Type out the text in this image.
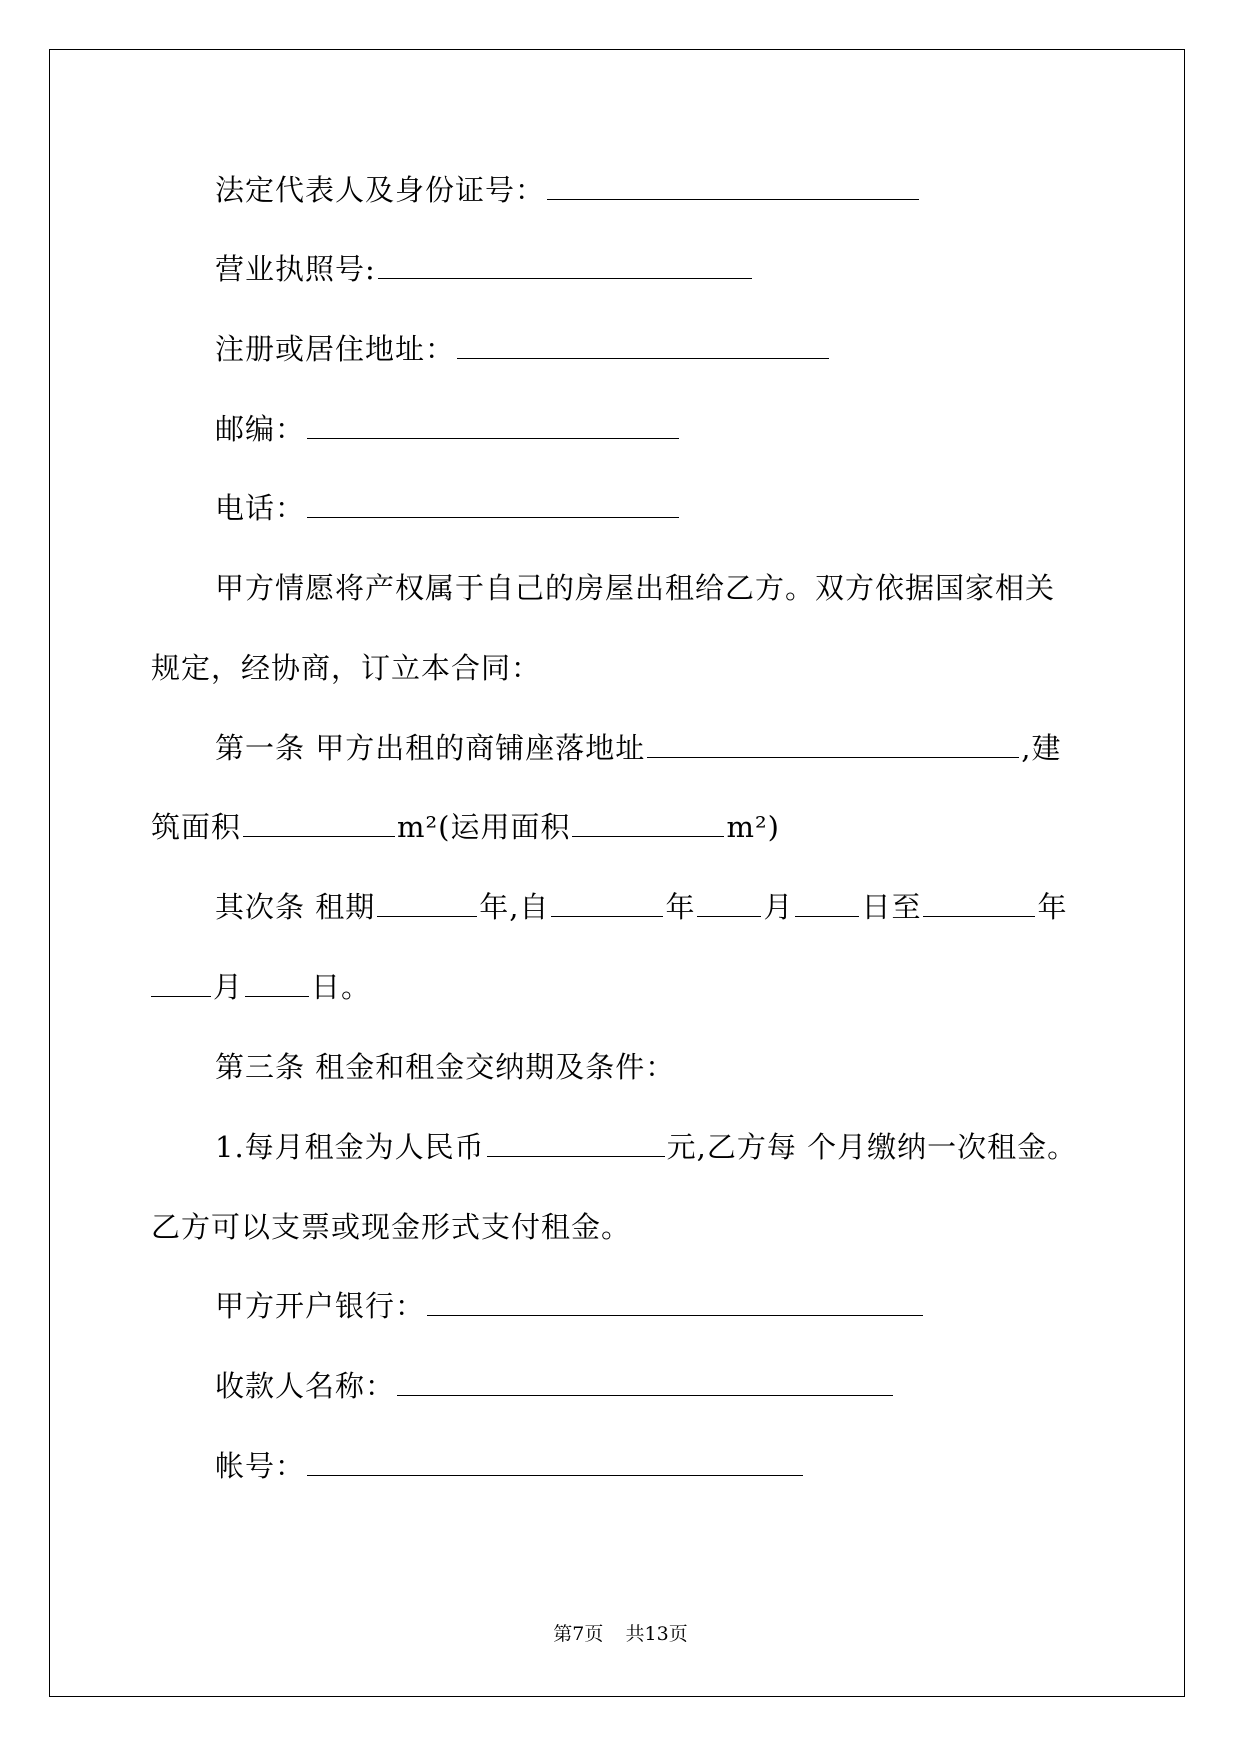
法定代表人及身份证号：
营业执照号:
注册或居住地址：
邮编：
电话：
甲方情愿将产权属于自己的房屋出租给乙方。双方依据国家相关
规定，经协商，订立本合同：
第一条 甲方出租的商铺座落地址	,建
筑面积	m²(运用面积	m²)
其次条 租期	年,自	年 月 日至	年
月 日。
第三条 租金和租金交纳期及条件：
1.每月租金为人民币	元,乙方每 个月缴纳一次租金。
乙方可以支票或现金形式支付租金。
甲方开户银行：
收款人名称：
帐号：
第7页 共13页
